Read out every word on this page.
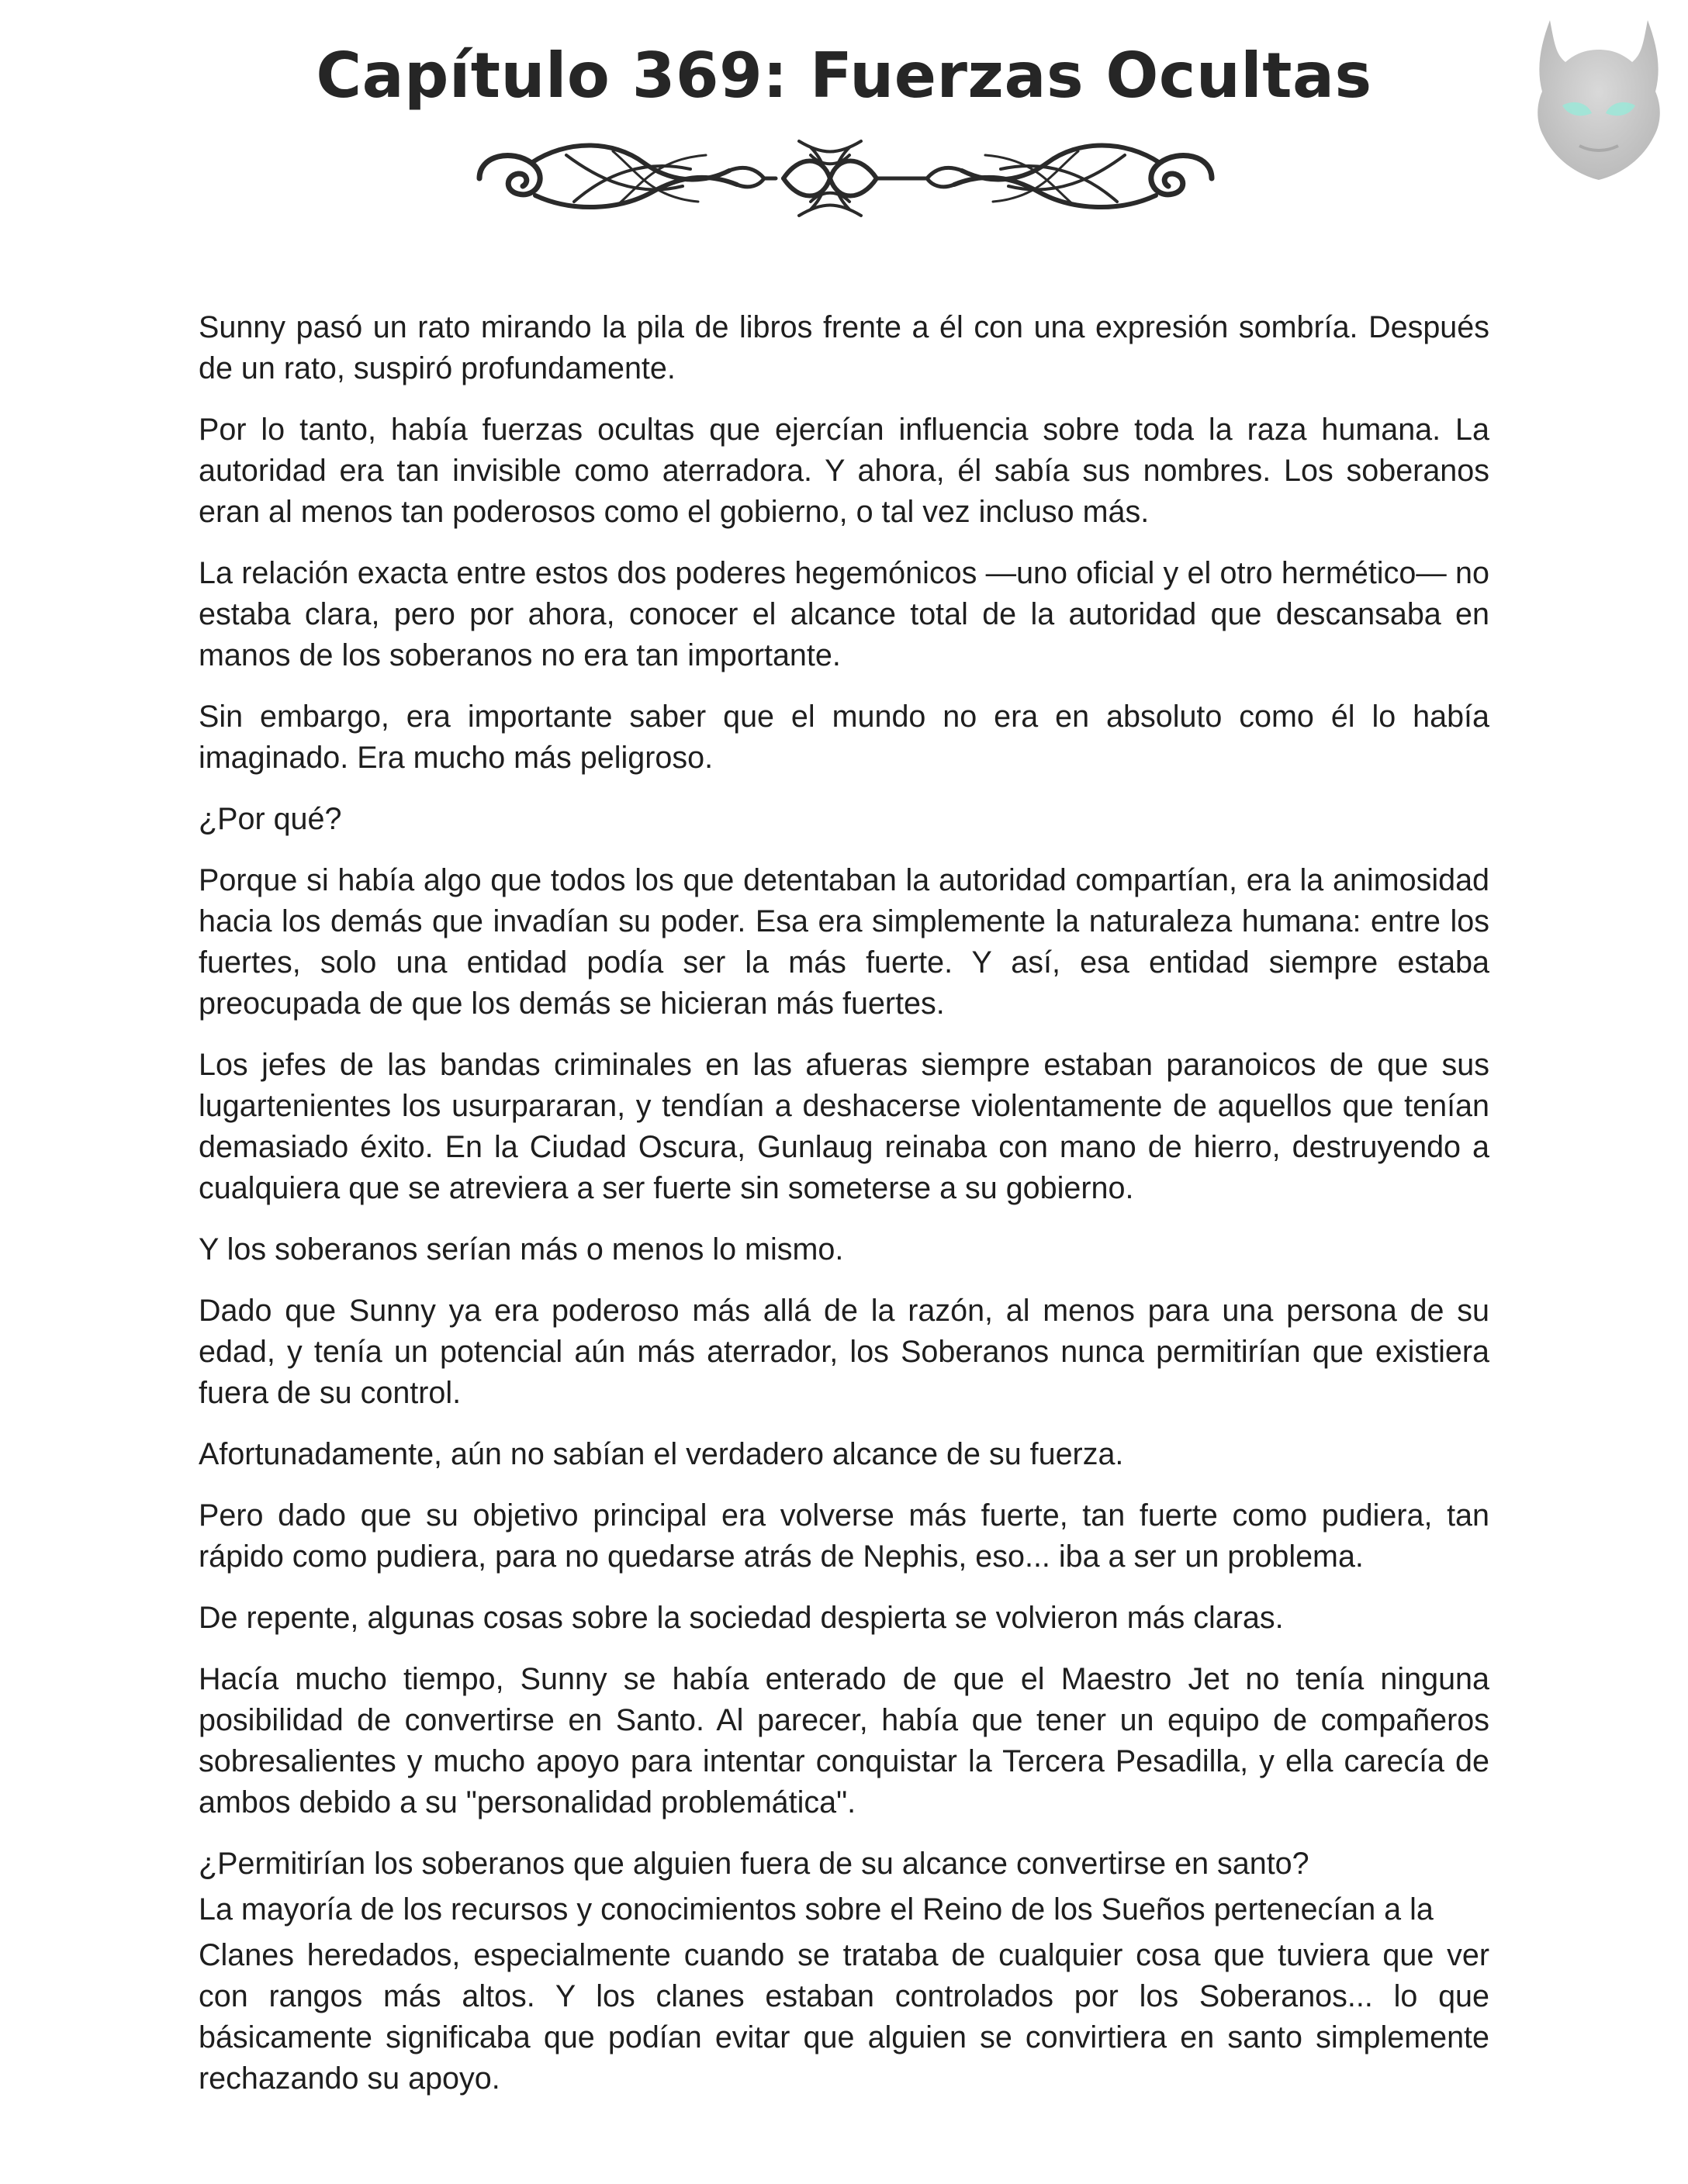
Capítulo 369: Fuerzas Ocultas

Sunny pasó un rato mirando la pila de libros frente a él con una expresión sombría. Después de un rato, suspiró profundamente.

Por lo tanto, había fuerzas ocultas que ejercían influencia sobre toda la raza humana. La autoridad era tan invisible como aterradora. Y ahora, él sabía sus nombres. Los soberanos eran al menos tan poderosos como el gobierno, o tal vez incluso más.

La relación exacta entre estos dos poderes hegemónicos —uno oficial y el otro hermético— no estaba clara, pero por ahora, conocer el alcance total de la autoridad que descansaba en manos de los soberanos no era tan importante.

Sin embargo, era importante saber que el mundo no era en absoluto como él lo había imaginado. Era mucho más peligroso.

¿Por qué?

Porque si había algo que todos los que detentaban la autoridad compartían, era la animosidad hacia los demás que invadían su poder. Esa era simplemente la naturaleza humana: entre los fuertes, solo una entidad podía ser la más fuerte. Y así, esa entidad siempre estaba preocupada de que los demás se hicieran más fuertes.

Los jefes de las bandas criminales en las afueras siempre estaban paranoicos de que sus lugartenientes los usurpararan, y tendían a deshacerse violentamente de aquellos que tenían demasiado éxito. En la Ciudad Oscura, Gunlaug reinaba con mano de hierro, destruyendo a cualquiera que se atreviera a ser fuerte sin someterse a su gobierno.

Y los soberanos serían más o menos lo mismo.

Dado que Sunny ya era poderoso más allá de la razón, al menos para una persona de su edad, y tenía un potencial aún más aterrador, los Soberanos nunca permitirían que existiera fuera de su control.

Afortunadamente, aún no sabían el verdadero alcance de su fuerza.

Pero dado que su objetivo principal era volverse más fuerte, tan fuerte como pudiera, tan rápido como pudiera, para no quedarse atrás de Nephis, eso... iba a ser un problema.

De repente, algunas cosas sobre la sociedad despierta se volvieron más claras.

Hacía mucho tiempo, Sunny se había enterado de que el Maestro Jet no tenía ninguna posibilidad de convertirse en Santo. Al parecer, había que tener un equipo de compañeros sobresalientes y mucho apoyo para intentar conquistar la Tercera Pesadilla, y ella carecía de ambos debido a su "personalidad problemática".

¿Permitirían los soberanos que alguien fuera de su alcance convertirse en santo?

La mayoría de los recursos y conocimientos sobre el Reino de los Sueños pertenecían a la

Clanes heredados, especialmente cuando se trataba de cualquier cosa que tuviera que ver con rangos más altos. Y los clanes estaban controlados por los Soberanos... lo que básicamente significaba que podían evitar que alguien se convirtiera en santo simplemente rechazando su apoyo.
